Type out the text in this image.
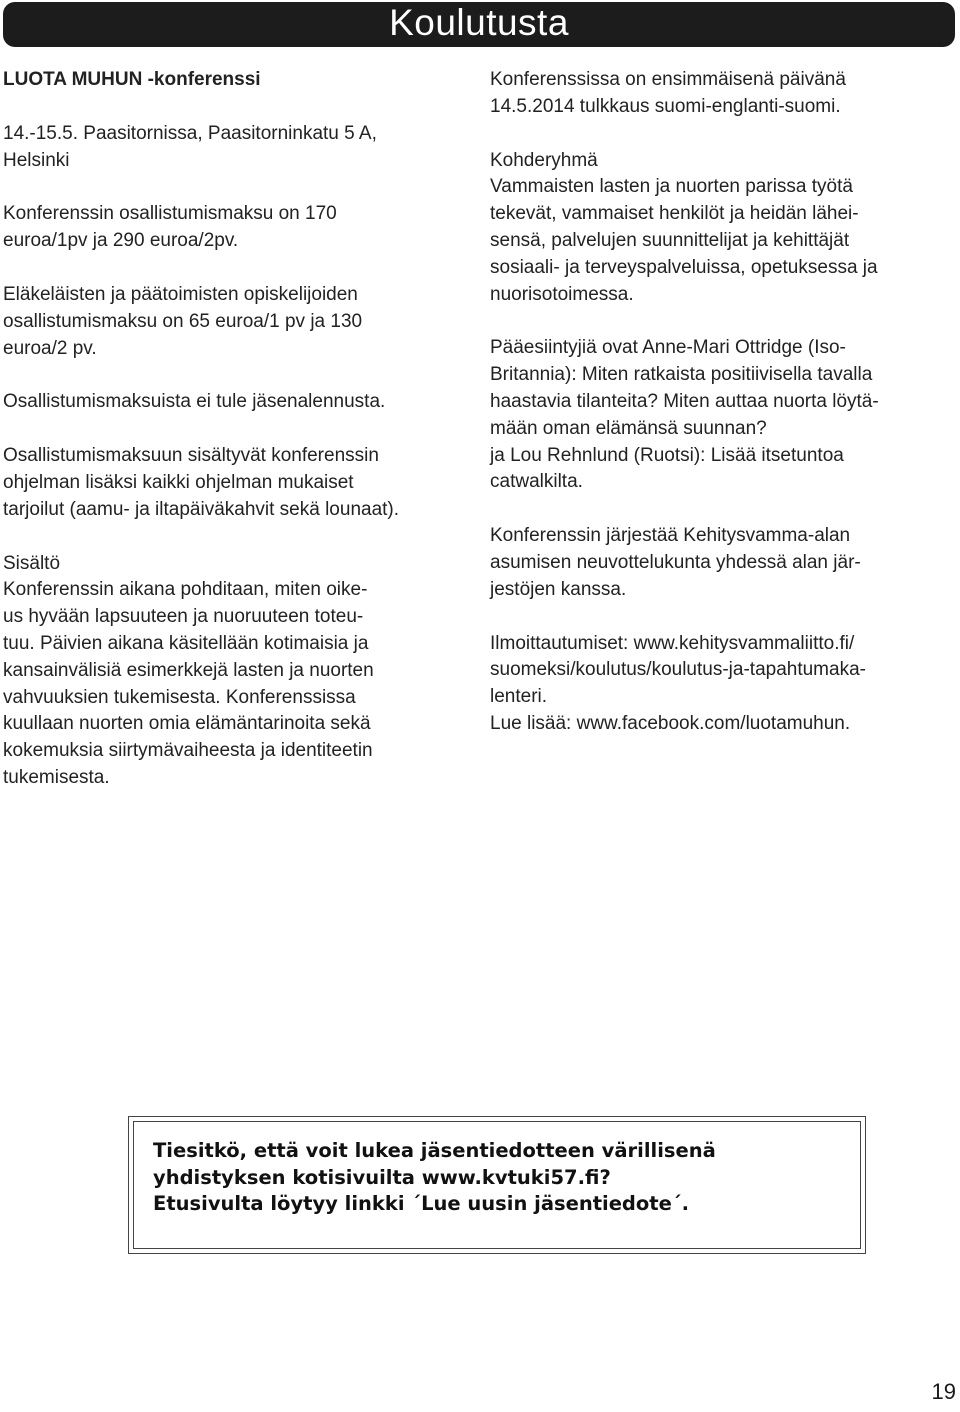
Koulutusta

LUOTA MUHUN -konferenssi

14.-15.5. Paasitornissa, Paasitorninkatu 5 A,
Helsinki

Konferenssin osallistumismaksu on 170
euroa/1pv ja 290 euroa/2pv.

Eläkeläisten ja päätoimisten opiskelijoiden
osallistumismaksu on 65 euroa/1 pv ja 130
euroa/2 pv.

Osallistumismaksuista ei tule jäsenalennusta.

Osallistumismaksuun sisältyvät konferenssin
ohjelman lisäksi kaikki ohjelman mukaiset
tarjoilut (aamu- ja iltapäiväkahvit sekä lounaat).

Sisältö
Konferenssin aikana pohditaan, miten oike-
us hyvään lapsuuteen ja nuoruuteen toteu-
tuu. Päivien aikana käsitellään kotimaisia ja
kansainvälisiä esimerkkejä lasten ja nuorten
vahvuuksien tukemisesta. Konferenssissa
kuullaan nuorten omia elämäntarinoita sekä
kokemuksia siirtymävaiheesta ja identiteetin
tukemisesta.

Konferenssissa on ensimmäisenä päivänä
14.5.2014 tulkkaus suomi-englanti-suomi.

Kohderyhmä
Vammaisten lasten ja nuorten parissa työtä
tekevät, vammaiset henkilöt ja heidän lähei-
sensä, palvelujen suunnittelijat ja kehittäjät
sosiaali- ja terveyspalveluissa, opetuksessa ja
nuorisotoimessa.

Pääesiintyjiä ovat Anne-Mari Ottridge (Iso-
Britannia): Miten ratkaista positiivisella tavalla
haastavia tilanteita? Miten auttaa nuorta löytä-
mään oman elämänsä suunnan?
ja Lou Rehnlund (Ruotsi): Lisää itsetuntoa
catwalkilta.

Konferenssin järjestää Kehitysvamma-alan
asumisen neuvottelukunta yhdessä alan jär-
jestöjen kanssa.

Ilmoittautumiset: www.kehitysvammaliitto.fi/
suomeksi/koulutus/koulutus-ja-tapahtumaka-
lenteri.
Lue lisää: www.facebook.com/luotamuhun.

Tiesitkö, että voit lukea jäsentiedotteen värillisenä
yhdistyksen kotisivuilta www.kvtuki57.fi?
Etusivulta löytyy linkki ´Lue uusin jäsentiedote´.
19
